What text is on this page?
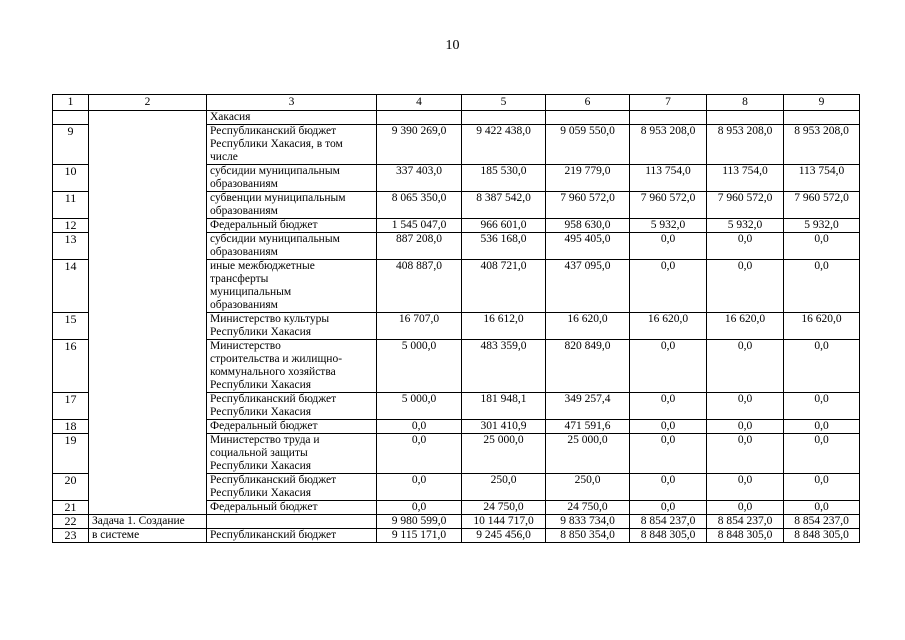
10
1	2	3	4	5	6	7	8	9

		Хакасия						

9		Республиканский бюджет
Республики Хакасия, в том
числе	9 390 269,0	9 422 438,0	9 059 550,0	8 953 208,0	8 953 208,0	8 953 208,0
10		субсидии муниципальным
образованиям	337 403,0	185 530,0	219 779,0	113 754,0	113 754,0	113 754,0
11		субвенции муниципальным
образованиям	8 065 350,0	8 387 542,0	7 960 572,0	7 960 572,0	7 960 572,0	7 960 572,0
12		Федеральный бюджет	1 545 047,0	966 601,0	958 630,0	5 932,0	5 932,0	5 932,0
13		субсидии муниципальным
образованиям	887 208,0	536 168,0	495 405,0	0,0	0,0	0,0
14		иные межбюджетные
трансферты
муниципальным
образованиям	408 887,0	408 721,0	437 095,0	0,0	0,0	0,0
15		Министерство культуры
Республики Хакасия	16 707,0	16 612,0	16 620,0	16 620,0	16 620,0	16 620,0
16		Министерство
строительства и жилищно-
коммунального хозяйства
Республики Хакасия	5 000,0	483 359,0	820 849,0	0,0	0,0	0,0
17		Республиканский бюджет
Республики Хакасия	5 000,0	181 948,1	349 257,4	0,0	0,0	0,0
18		Федеральный бюджет	0,0	301 410,9	471 591,6	0,0	0,0	0,0
19		Министерство труда и
социальной защиты
Республики Хакасия	0,0	25 000,0	25 000,0	0,0	0,0	0,0
20		Республиканский бюджет
Республики Хакасия	0,0	250,0	250,0	0,0	0,0	0,0
21		Федеральный бюджет	0,0	24 750,0	24 750,0	0,0	0,0	0,0
22	Задача 1. Создание		9 980 599,0	10 144 717,0	9 833 734,0	8 854 237,0	8 854 237,0	8 854 237,0
23	в системе	Республиканский бюджет	9 115 171,0	9 245 456,0	8 850 354,0	8 848 305,0	8 848 305,0	8 848 305,0
